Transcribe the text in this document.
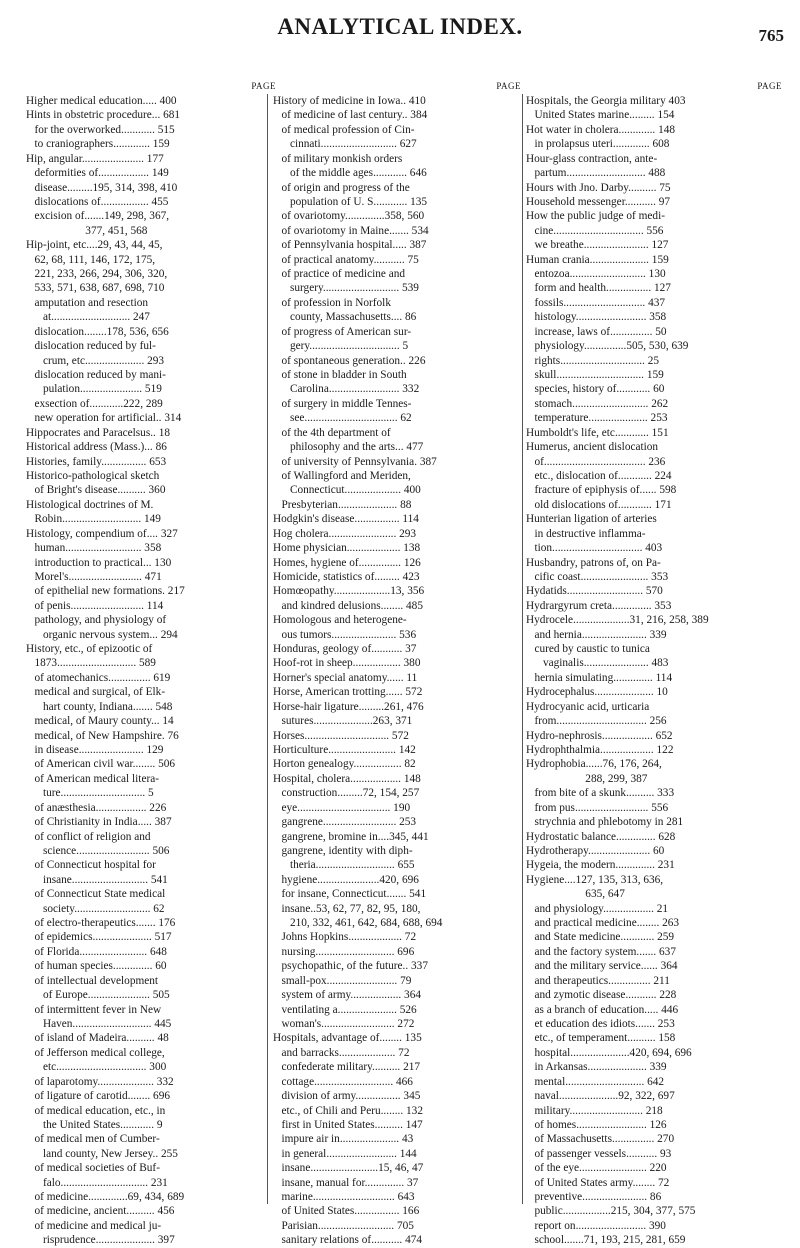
ANALYTICAL INDEX.	765
PAGE
Higher medical education..... 400
Hints in obstetric procedure... 681
for the overworked............ 515
to craniographers............. 159
Hip, angular...................... 177
deformities of.................. 149
disease.........195, 314, 398, 410
dislocations of................. 455
excision of.......149, 298, 367,
377, 451, 568
Hip-joint, etc....29, 43, 44, 45,
62, 68, 111, 146, 172, 175,
221, 233, 266, 294, 306, 320,
533, 571, 638, 687, 698, 710
amputation and resection
at............................ 247
dislocation........178, 536, 656
dislocation reduced by ful-
crum, etc..................... 293
dislocation reduced by mani-
pulation...................... 519
exsection of............222, 289
new operation for artificial.. 314
Hippocrates and Paracelsus.. 18
Historical address (Mass.)... 86
Histories, family................ 653
Historico-pathological sketch
of Bright's disease.......... 360
Histological doctrines of M.
Robin............................ 149
Histology, compendium of.... 327
human........................... 358
introduction to practical... 130
Morel's.......................... 471
of epithelial new formations. 217
of penis.......................... 114
pathology, and physiology of
organic nervous system... 294
History, etc., of epizootic of
1873............................ 589
of atomechanics............... 619
medical and surgical, of Elk-
hart county, Indiana....... 548
medical, of Maury county... 14
medical, of New Hampshire. 76
in disease....................... 129
of American civil war........ 506
of American medical litera-
ture.............................. 5
of anæsthesia.................. 226
of Christianity in India..... 387
of conflict of religion and
science.......................... 506
of Connecticut hospital for
insane........................... 541
of Connecticut State medical
society........................... 62
of electro-therapeutics....... 176
of epidemics..................... 517
of Florida........................ 648
of human species.............. 60
of intellectual development
of Europe...................... 505
of intermittent fever in New
Haven............................ 445
of island of Madeira.......... 48
of Jefferson medical college,
etc................................ 300
of laparotomy.................... 332
of ligature of carotid........ 696
of medical education, etc., in
the United States............ 9
of medical men of Cumber-
land county, New Jersey.. 255
of medical societies of Buf-
falo............................... 231
of medicine..............69, 434, 689
of medicine, ancient.......... 456
of medicine and medical ju-
risprudence..................... 397
PAGE
History of medicine in Iowa.. 410
of medicine of last century.. 384
of medical profession of Cin-
cinnati........................... 627
of military monkish orders
of the middle ages............ 646
of origin and progress of the
population of U. S............ 135
of ovariotomy..............358, 560
of ovariotomy in Maine....... 534
of Pennsylvania hospital..... 387
of practical anatomy........... 75
of practice of medicine and
surgery........................... 539
of profession in Norfolk
county, Massachusetts.... 86
of progress of American sur-
gery................................ 5
of spontaneous generation.. 226
of stone in bladder in South
Carolina......................... 332
of surgery in middle Tennes-
see................................. 62
of the 4th department of
philosophy and the arts... 477
of university of Pennsylvania. 387
of Wallingford and Meriden,
Connecticut.................... 400
Presbyterian..................... 88
Hodgkin's disease................ 114
Hog cholera........................ 293
Home physician................... 138
Homes, hygiene of............... 126
Homicide, statistics of......... 423
Homœopathy....................13, 356
and kindred delusions........ 485
Homologous and heterogene-
ous tumors....................... 536
Honduras, geology of........... 37
Hoof-rot in sheep................. 380
Horner's special anatomy...... 11
Horse, American trotting...... 572
Horse-hair ligature.........261, 476
sutures.....................263, 371
Horses.............................. 572
Horticulture........................ 142
Horton genealogy................. 82
Hospital, cholera.................. 148
construction.........72, 154, 257
eye................................. 190
gangrene.......................... 253
gangrene, bromine in....345, 441
gangrene, identity with diph-
theria............................ 655
hygiene......................420, 696
for insane, Connecticut....... 541
insane..53, 62, 77, 82, 95, 180,
210, 332, 461, 642, 684, 688, 694
Johns Hopkins................... 72
nursing............................ 696
psychopathic, of the future.. 337
small-pox......................... 79
system of army.................. 364
ventilating a..................... 526
woman's.......................... 272
Hospitals, advantage of........ 135
and barracks.................... 72
confederate military.......... 217
cottage............................ 466
division of army................ 345
etc., of Chili and Peru........ 132
first in United States.......... 147
impure air in..................... 43
in general......................... 144
insane........................15, 46, 47
insane, manual for.............. 37
marine............................. 643
of United States................ 166
Parisian........................... 705
sanitary relations of........... 474
PAGE
Hospitals, the Georgia military 403
United States marine......... 154
Hot water in cholera............. 148
in prolapsus uteri............. 608
Hour-glass contraction, ante-
partum............................ 488
Hours with Jno. Darby.......... 75
Household messenger........... 97
How the public judge of medi-
cine................................ 556
we breathe....................... 127
Human crania..................... 159
entozoa........................... 130
form and health................ 127
fossils............................. 437
histology......................... 358
increase, laws of............... 50
physiology...............505, 530, 639
rights.............................. 25
skull............................... 159
species, history of............ 60
stomach........................... 262
temperature..................... 253
Humboldt's life, etc............ 151
Humerus, ancient dislocation
of.................................... 236
etc., dislocation of............ 224
fracture of epiphysis of...... 598
old dislocations of............ 171
Hunterian ligation of arteries
in destructive inflamma-
tion................................ 403
Husbandry, patrons of, on Pa-
cific coast........................ 353
Hydatids........................... 570
Hydrargyrum creta.............. 353
Hydrocele....................31, 216, 258, 389
and hernia....................... 339
cured by caustic to tunica
vaginalis....................... 483
hernia simulating.............. 114
Hydrocephalus..................... 10
Hydrocyanic acid, urticaria
from................................ 256
Hydro-nephrosis.................. 652
Hydrophthalmia................... 122
Hydrophobia......76, 176, 264,
288, 299, 387
from bite of a skunk.......... 333
from pus.......................... 556
strychnia and phlebotomy in 281
Hydrostatic balance.............. 628
Hydrotherapy...................... 60
Hygeia, the modern.............. 231
Hygiene....127, 135, 313, 636,
635, 647
and physiology.................. 21
and practical medicine........ 263
and State medicine............ 259
and the factory system....... 637
and the military service...... 364
and therapeutics............... 211
and zymotic disease........... 228
as a branch of education..... 446
et education des idiots....... 253
etc., of temperament.......... 158
hospital.....................420, 694, 696
in Arkansas..................... 339
mental............................ 642
naval.....................92, 322, 697
military.......................... 218
of homes......................... 126
of Massachusetts............... 270
of passenger vessels........... 93
of the eye........................ 220
of United States army........ 72
preventive....................... 86
public.................215, 304, 377, 575
report on......................... 390
school.......71, 193, 215, 281, 659
